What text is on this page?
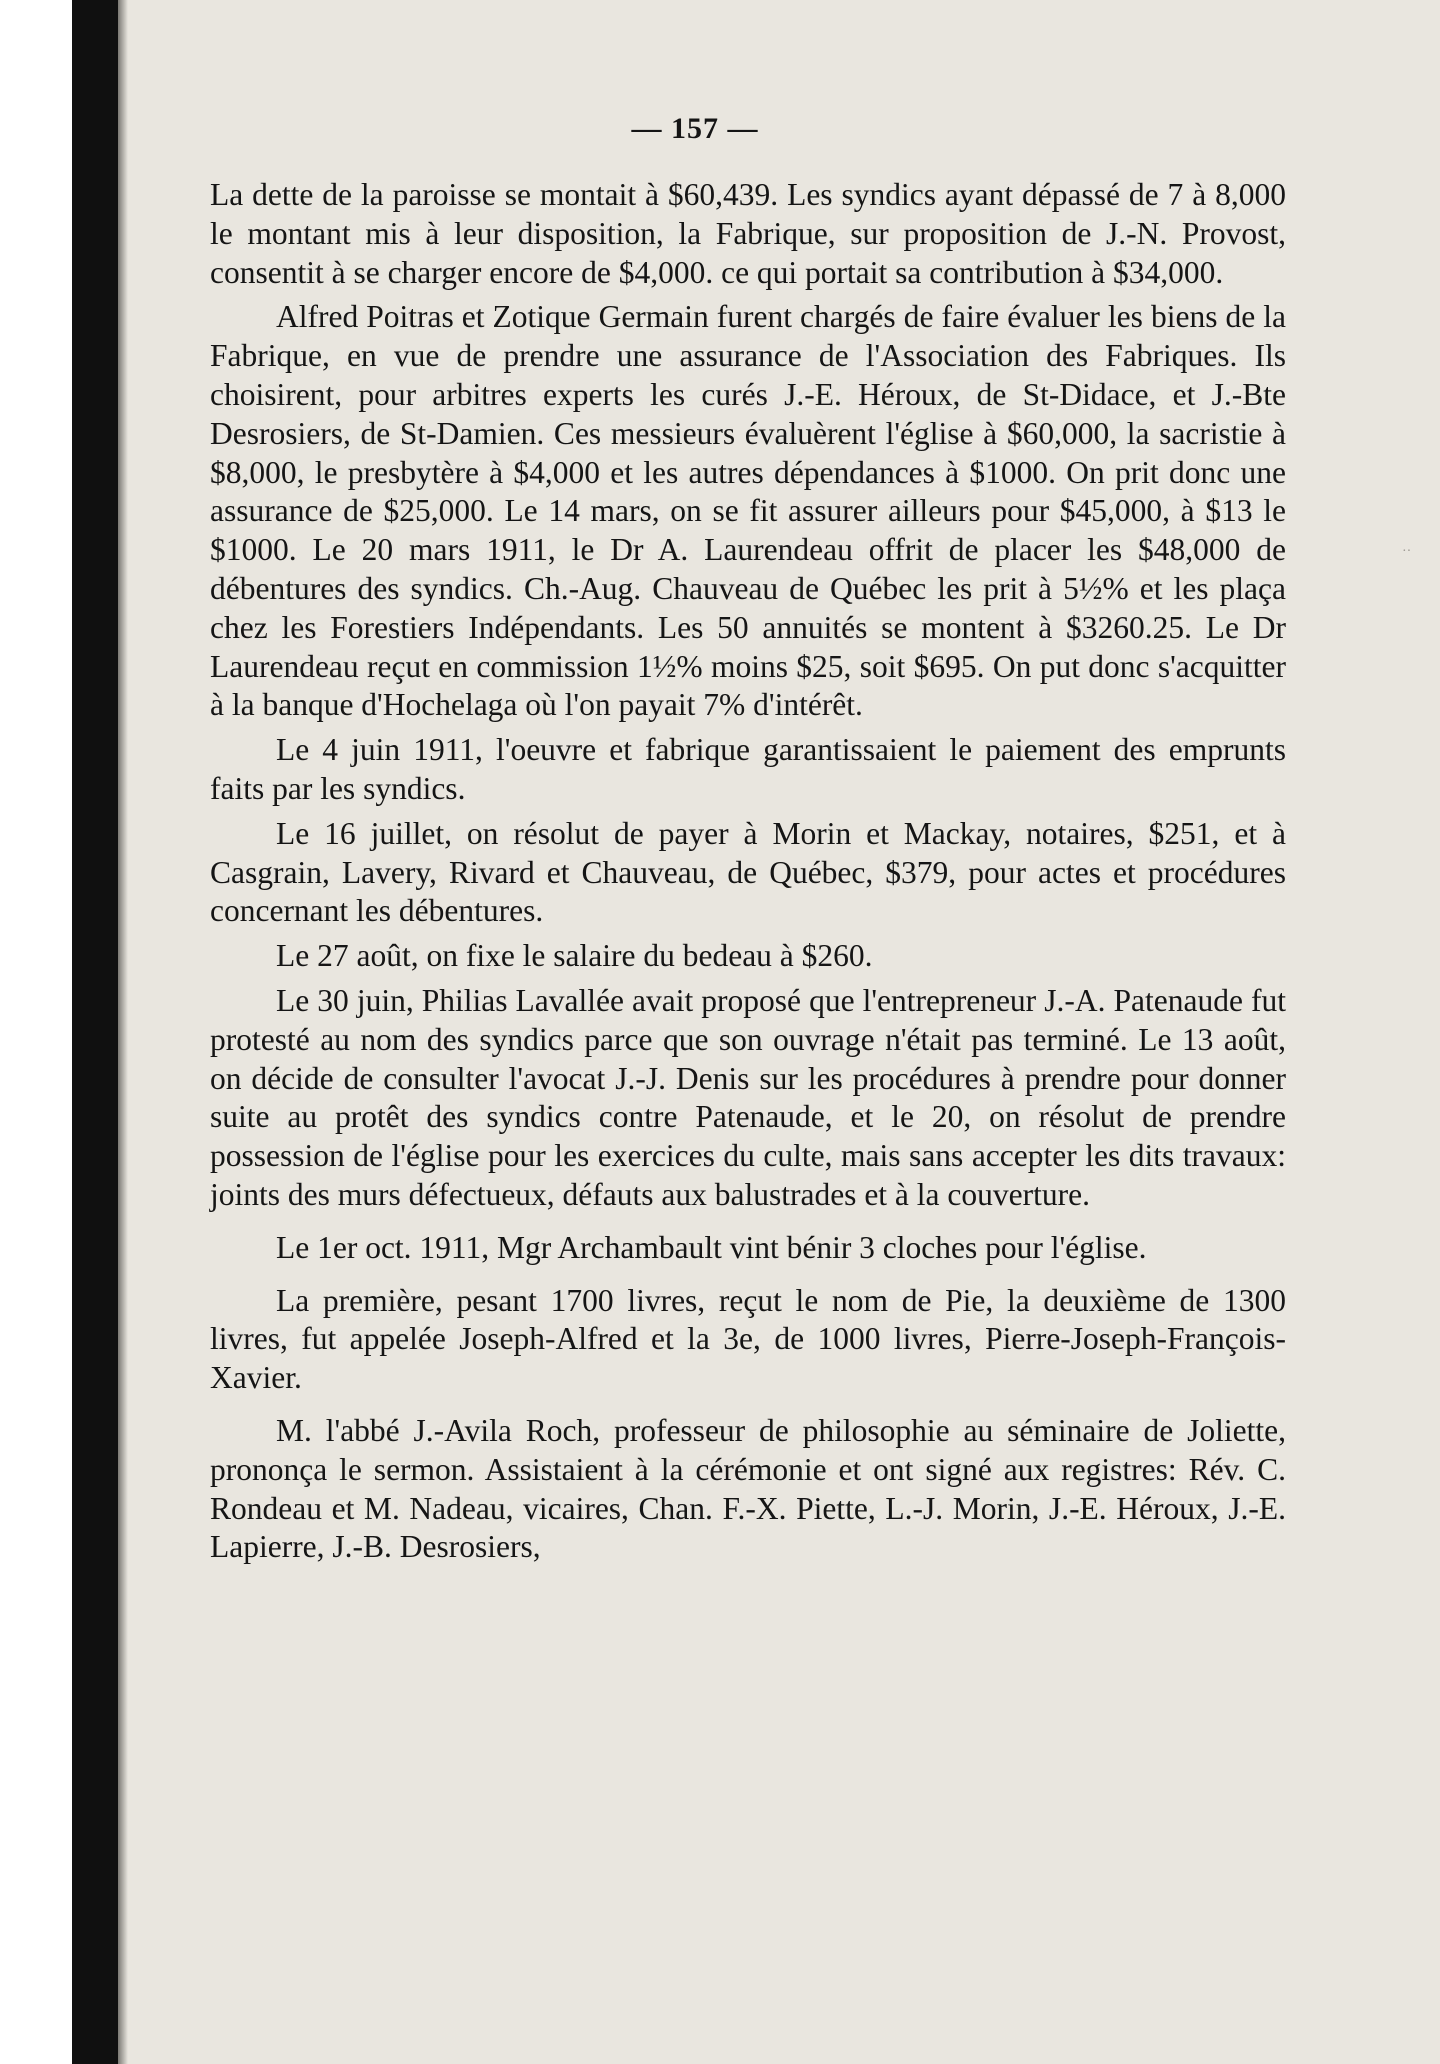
— 157 —

La dette de la paroisse se montait à $60,439. Les syndics ayant dépassé de 7 à 8,000 le montant mis à leur disposition, la Fabrique, sur proposition de J.-N. Provost, consentit à se charger encore de $4,000. ce qui portait sa contribution à $34,000.

Alfred Poitras et Zotique Germain furent chargés de faire évaluer les biens de la Fabrique, en vue de prendre une assurance de l'Association des Fabriques. Ils choisirent, pour arbitres experts les curés J.-E. Héroux, de St-Didace, et J.-Bte Desrosiers, de St-Damien. Ces messieurs évaluèrent l'église à $60,000, la sacristie à $8,000, le presbytère à $4,000 et les autres dépendances à $1000. On prit donc une assurance de $25,000. Le 14 mars, on se fit assurer ailleurs pour $45,000, à $13 le $1000. Le 20 mars 1911, le Dr A. Laurendeau offrit de placer les $48,000 de débentures des syndics. Ch.-Aug. Chauveau de Québec les prit à 5½% et les plaça chez les Forestiers Indépendants. Les 50 annuités se montent à $3260.25. Le Dr Laurendeau reçut en commission 1½% moins $25, soit $695. On put donc s'acquitter à la banque d'Hochelaga où l'on payait 7% d'intérêt.

Le 4 juin 1911, l'oeuvre et fabrique garantissaient le paiement des emprunts faits par les syndics.

Le 16 juillet, on résolut de payer à Morin et Mackay, notaires, $251, et à Casgrain, Lavery, Rivard et Chauveau, de Québec, $379, pour actes et procédures concernant les débentures.

Le 27 août, on fixe le salaire du bedeau à $260.

Le 30 juin, Philias Lavallée avait proposé que l'entrepreneur J.-A. Patenaude fut protesté au nom des syndics parce que son ouvrage n'était pas terminé. Le 13 août, on décide de consulter l'avocat J.-J. Denis sur les procédures à prendre pour donner suite au protêt des syndics contre Patenaude, et le 20, on résolut de prendre possession de l'église pour les exercices du culte, mais sans accepter les dits travaux: joints des murs défectueux, défauts aux balustrades et à la couverture.

Le 1er oct. 1911, Mgr Archambault vint bénir 3 cloches pour l'église.

La première, pesant 1700 livres, reçut le nom de Pie, la deuxième de 1300 livres, fut appelée Joseph-Alfred et la 3e, de 1000 livres, Pierre-Joseph-François-Xavier.

M. l'abbé J.-Avila Roch, professeur de philosophie au séminaire de Joliette, prononça le sermon. Assistaient à la cérémonie et ont signé aux registres: Rév. C. Rondeau et M. Nadeau, vicaires, Chan. F.-X. Piette, L.-J. Morin, J.-E. Héroux, J.-E. Lapierre, J.-B. Desrosiers,

··
